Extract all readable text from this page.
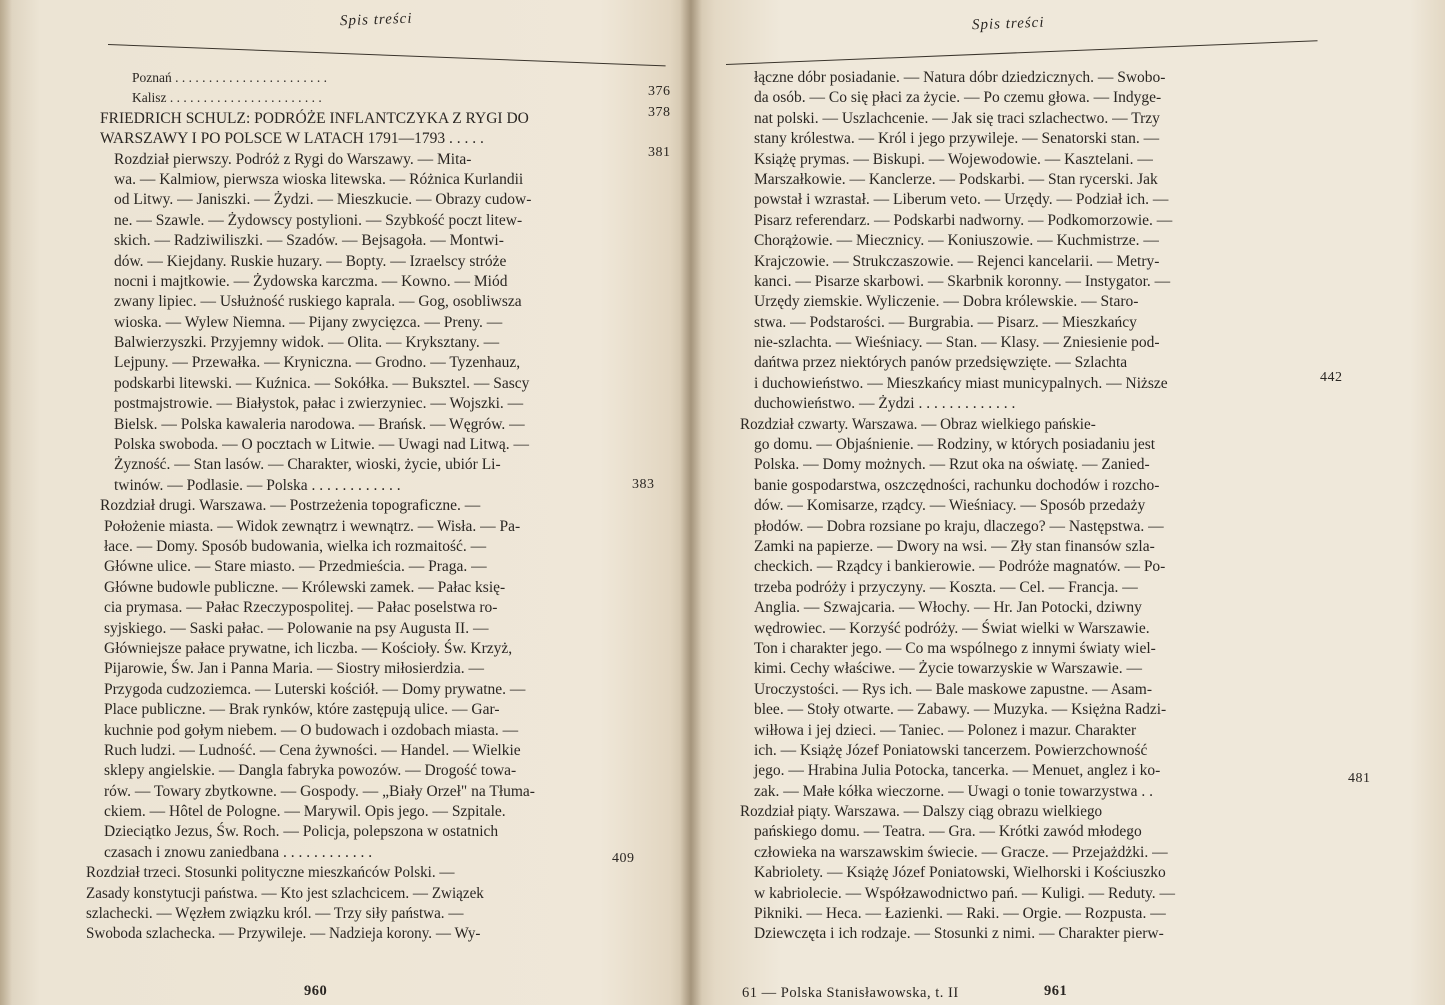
Spis treści
Poznań . . . . . . . . . . . . . . . . . . . . . . .
Kalisz . . . . . . . . . . . . . . . . . . . . . . .
FRIEDRICH SCHULZ: PODRÓŻE INFLANTCZYKA Z RYGI DO
WARSZAWY I PO POLSCE W LATACH 1791—1793 . . . . .
Rozdział pierwszy. Podróż z Rygi do Warszawy. — Mita-
wa. — Kalmiow, pierwsza wioska litewska. — Różnica Kurlandii
od Litwy. — Janiszki. — Żydzi. — Mieszkucie. — Obrazy cudow-
ne. — Szawle. — Żydowscy postylioni. — Szybkość poczt litew-
skich. — Radziwiliszki. — Szadów. — Bejsagoła. — Montwi-
dów. — Kiejdany. Ruskie huzary. — Bopty. — Izraelscy stróże
nocni i majtkowie. — Żydowska karczma. — Kowno. — Miód
zwany lipiec. — Usłużność ruskiego kaprala. — Gog, osobliwsza
wioska. — Wylew Niemna. — Pijany zwycięzca. — Preny. —
Balwierzyszki. Przyjemny widok. — Olita. — Kryksztany. —
Lejpuny. — Przewałka. — Kryniczna. — Grodno. — Tyzenhauz,
podskarbi litewski. — Kuźnica. — Sokółka. — Buksztel. — Sascy
postmajstrowie. — Białystok, pałac i zwierzyniec. — Wojszki. —
Bielsk. — Polska kawaleria narodowa. — Brańsk. — Węgrów. —
Polska swoboda. — O pocztach w Litwie. — Uwagi nad Litwą. —
Żyzność. — Stan lasów. — Charakter, wioski, życie, ubiór Li-
twinów. — Podlasie. — Polska . . . . . . . . . . . .
Rozdział drugi. Warszawa. — Postrzeżenia topograficzne. —
Położenie miasta. — Widok zewnątrz i wewnątrz. — Wisła. — Pa-
łace. — Domy. Sposób budowania, wielka ich rozmaitość. —
Główne ulice. — Stare miasto. — Przedmieścia. — Praga. —
Główne budowle publiczne. — Królewski zamek. — Pałac księ-
cia prymasa. — Pałac Rzeczypospolitej. — Pałac poselstwa ro-
syjskiego. — Saski pałac. — Polowanie na psy Augusta II. —
Główniejsze pałace prywatne, ich liczba. — Kościoły. Św. Krzyż,
Pijarowie, Św. Jan i Panna Maria. — Siostry miłosierdzia. —
Przygoda cudzoziemca. — Luterski kościół. — Domy prywatne. —
Place publiczne. — Brak rynków, które zastępują ulice. — Gar-
kuchnie pod gołym niebem. — O budowach i ozdobach miasta. —
Ruch ludzi. — Ludność. — Cena żywności. — Handel. — Wielkie
sklepy angielskie. — Dangla fabryka powozów. — Drogość towa-
rów. — Towary zbytkowne. — Gospody. — „Biały Orzeł" na Tłuma-
ckiem. — Hôtel de Pologne. — Marywil. Opis jego. — Szpitale.
Dzieciątko Jezus, Św. Roch. — Policja, polepszona w ostatnich
czasach i znowu zaniedbana . . . . . . . . . . . .
Rozdział trzeci. Stosunki polityczne mieszkańców Polski. —
Zasady konstytucji państwa. — Kto jest szlachcicem. — Związek
szlachecki. — Węzłem związku król. — Trzy siły państwa. —
Swoboda szlachecka. — Przywileje. — Nadzieja korony. — Wy-
376
378
381
383
409
960
Spis treści
łączne dóbr posiadanie. — Natura dóbr dziedzicznych. — Swobo-
da osób. — Co się płaci za życie. — Po czemu głowa. — Indyge-
nat polski. — Uszlachcenie. — Jak się traci szlachectwo. — Trzy
stany królestwa. — Król i jego przywileje. — Senatorski stan. —
Książę prymas. — Biskupi. — Wojewodowie. — Kasztelani. —
Marszałkowie. — Kanclerze. — Podskarbi. — Stan rycerski. Jak
powstał i wzrastał. — Liberum veto. — Urzędy. — Podział ich. —
Pisarz referendarz. — Podskarbi nadworny. — Podkomorzowie. —
Chorążowie. — Miecznicy. — Koniuszowie. — Kuchmistrze. —
Krajczowie. — Strukczaszowie. — Rejenci kancelarii. — Metry-
kanci. — Pisarze skarbowi. — Skarbnik koronny. — Instygator. —
Urzędy ziemskie. Wyliczenie. — Dobra królewskie. — Staro-
stwa. — Podstarości. — Burgrabia. — Pisarz. — Mieszkańcy
nie-szlachta. — Wieśniacy. — Stan. — Klasy. — Zniesienie pod-
dańtwa przez niektórych panów przedsięwzięte. — Szlachta
i duchowieństwo. — Mieszkańcy miast municypalnych. — Niższe
duchowieństwo. — Żydzi . . . . . . . . . . . . .
Rozdział czwarty. Warszawa. — Obraz wielkiego pańskie-
go domu. — Objaśnienie. — Rodziny, w których posiadaniu jest
Polska. — Domy możnych. — Rzut oka na oświatę. — Zanied-
banie gospodarstwa, oszczędności, rachunku dochodów i rozcho-
dów. — Komisarze, rządcy. — Wieśniacy. — Sposób przedaży
płodów. — Dobra rozsiane po kraju, dlaczego? — Następstwa. —
Zamki na papierze. — Dwory na wsi. — Zły stan finansów szla-
checkich. — Rządcy i bankierowie. — Podróże magnatów. — Po-
trzeba podróży i przyczyny. — Koszta. — Cel. — Francja. —
Anglia. — Szwajcaria. — Włochy. — Hr. Jan Potocki, dziwny
wędrowiec. — Korzyść podróży. — Świat wielki w Warszawie.
Ton i charakter jego. — Co ma wspólnego z innymi światy wiel-
kimi. Cechy właściwe. — Życie towarzyskie w Warszawie. —
Uroczystości. — Rys ich. — Bale maskowe zapustne. — Asam-
blee. — Stoły otwarte. — Zabawy. — Muzyka. — Księżna Radzi-
wiłłowa i jej dzieci. — Taniec. — Polonez i mazur. Charakter
ich. — Książę Józef Poniatowski tancerzem. Powierzchowność
jego. — Hrabina Julia Potocka, tancerka. — Menuet, anglez i ko-
zak. — Małe kółka wieczorne. — Uwagi o tonie towarzystwa . .
Rozdział piąty. Warszawa. — Dalszy ciąg obrazu wielkiego
pańskiego domu. — Teatra. — Gra. — Krótki zawód młodego
człowieka na warszawskim świecie. — Gracze. — Przejażdżki. —
Kabriolety. — Książę Józef Poniatowski, Wielhorski i Kościuszko
w kabriolecie. — Współzawodnictwo pań. — Kuligi. — Reduty. —
Pikniki. — Heca. — Łazienki. — Raki. — Orgie. — Rozpusta. —
Dziewczęta i ich rodzaje. — Stosunki z nimi. — Charakter pierw-
442
481
61 — Polska Stanisławowska, t. II	961
